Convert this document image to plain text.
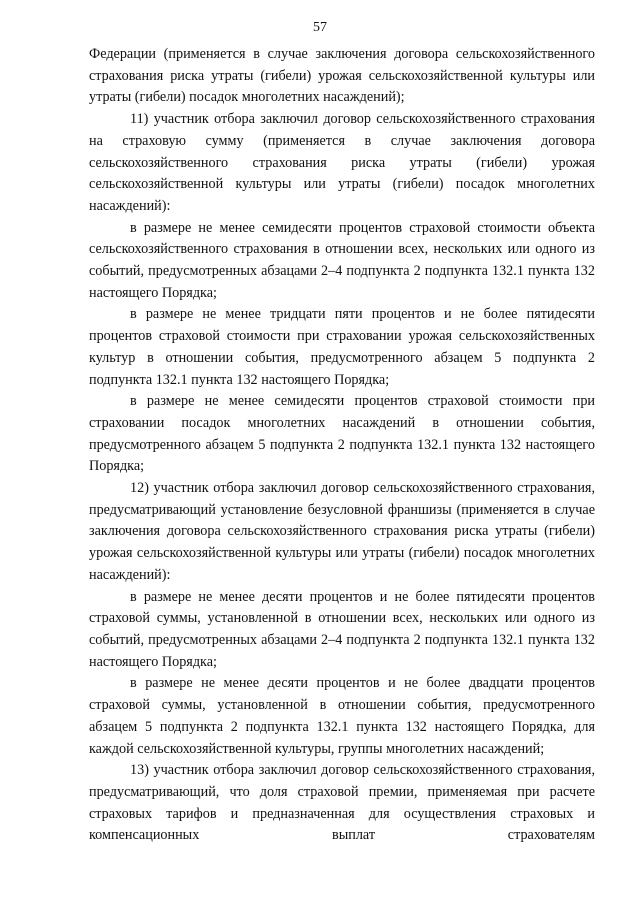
57

Федерации (применяется в случае заключения договора сельскохозяйственного страхования риска утраты (гибели) урожая сельскохозяйственной культуры или утраты (гибели) посадок многолетних насаждений);

11) участник отбора заключил договор сельскохозяйственного страхования на страховую сумму (применяется в случае заключения договора сельскохозяйственного страхования риска утраты (гибели) урожая сельскохозяйственной культуры или утраты (гибели) посадок многолетних насаждений):

в размере не менее семидесяти процентов страховой стоимости объекта сельскохозяйственного страхования в отношении всех, нескольких или одного из событий, предусмотренных абзацами 2–4 подпункта 2 подпункта 132.1 пункта 132 настоящего Порядка;

в размере не менее тридцати пяти процентов и не более пятидесяти процентов страховой стоимости при страховании урожая сельскохозяйственных культур в отношении события, предусмотренного абзацем 5 подпункта 2 подпункта 132.1 пункта 132 настоящего Порядка;

в размере не менее семидесяти процентов страховой стоимости при страховании посадок многолетних насаждений в отношении события, предусмотренного абзацем 5 подпункта 2 подпункта 132.1 пункта 132 настоящего Порядка;

12) участник отбора заключил договор сельскохозяйственного страхования, предусматривающий установление безусловной франшизы (применяется в случае заключения договора сельскохозяйственного страхования риска утраты (гибели) урожая сельскохозяйственной культуры или утраты (гибели) посадок многолетних насаждений):

в размере не менее десяти процентов и не более пятидесяти процентов страховой суммы, установленной в отношении всех, нескольких или одного из событий, предусмотренных абзацами 2–4 подпункта 2 подпункта 132.1 пункта 132 настоящего Порядка;

в размере не менее десяти процентов и не более двадцати процентов страховой суммы, установленной в отношении события, предусмотренного абзацем 5 подпункта 2 подпункта 132.1 пункта 132 настоящего Порядка, для каждой сельскохозяйственной культуры, группы многолетних насаждений;

13) участник отбора заключил договор сельскохозяйственного страхования, предусматривающий, что доля страховой премии, применяемая при расчете страховых тарифов и предназначенная для осуществления страховых и компенсационных выплат страхователям
